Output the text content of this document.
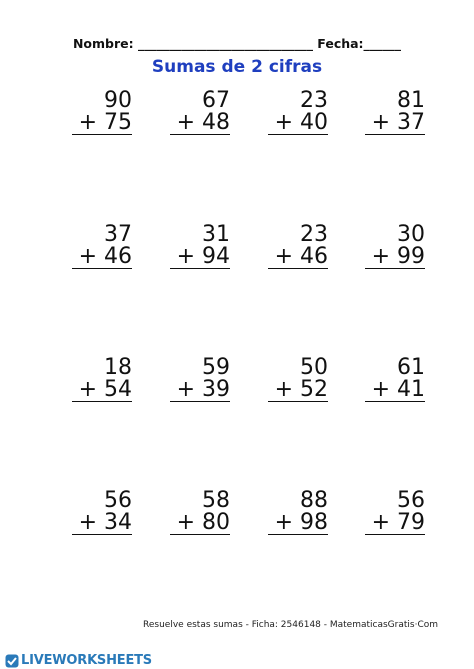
Nombre: ____________________________ Fecha:______
Sumas de 2 cifras
90
+ 75
67
+ 48
23
+ 40
81
+ 37
37
+ 46
31
+ 94
23
+ 46
30
+ 99
18
+ 54
59
+ 39
50
+ 52
61
+ 41
56
+ 34
58
+ 80
88
+ 98
56
+ 79
Resuelve estas sumas - Ficha: 2546148 - MatematicasGratis·Com
LIVEWORKSHEETS
